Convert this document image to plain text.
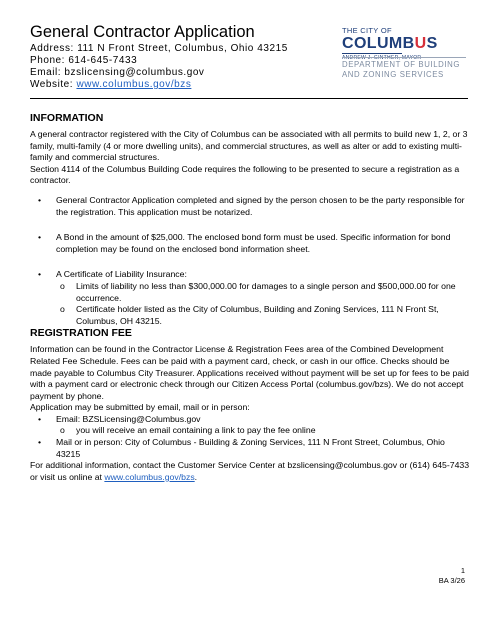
General Contractor Application
Address: 111 N Front Street, Columbus, Ohio 43215
Phone: 614-645-7433
Email: bzslicensing@columbus.gov
Website: www.columbus.gov/bzs
THE CITY OF
COLUMBUS
ANDREW J. GINTHER, MAYOR
DEPARTMENT OF BUILDING
AND ZONING SERVICES
INFORMATION

A general contractor registered with the City of Columbus can be associated with all permits to build new 1, 2, or 3 family, multi-family (4 or more dwelling units), and commercial structures, as well as alter or add to existing multi-family and commercial structures.

Section 4114 of the Columbus Building Code requires the following to be presented to secure a registration as a contractor.

• General Contractor Application completed and signed by the person chosen to be the party responsible for the registration. This application must be notarized.
• A Bond in the amount of $25,000. The enclosed bond form must be used. Specific information for bond completion may be found on the enclosed bond information sheet.
• A Certificate of Liability Insurance:
o Limits of liability no less than $300,000.00 for damages to a single person and $500,000.00 for one occurrence.
o Certificate holder listed as the City of Columbus, Building and Zoning Services, 111 N Front St, Columbus, OH 43215.
REGISTRATION FEE

Information can be found in the Contractor License & Registration Fees area of the Combined Development Related Fee Schedule. Fees can be paid with a payment card, check, or cash in our office. Checks should be made payable to Columbus City Treasurer. Applications received without payment will be set up for fees to be paid with a payment card or electronic check through our Citizen Access Portal (columbus.gov/bzs). We do not accept payment by phone.

Application may be submitted by email, mail or in person:

• Email: BZSLicensing@Columbus.gov
o you will receive an email containing a link to pay the fee online
• Mail or in person: City of Columbus - Building & Zoning Services, 111 N Front Street, Columbus, Ohio 43215

For additional information, contact the Customer Service Center at bzslicensing@columbus.gov or (614) 645-7433 or visit us online at www.columbus.gov/bzs.

1
BA 3/26
